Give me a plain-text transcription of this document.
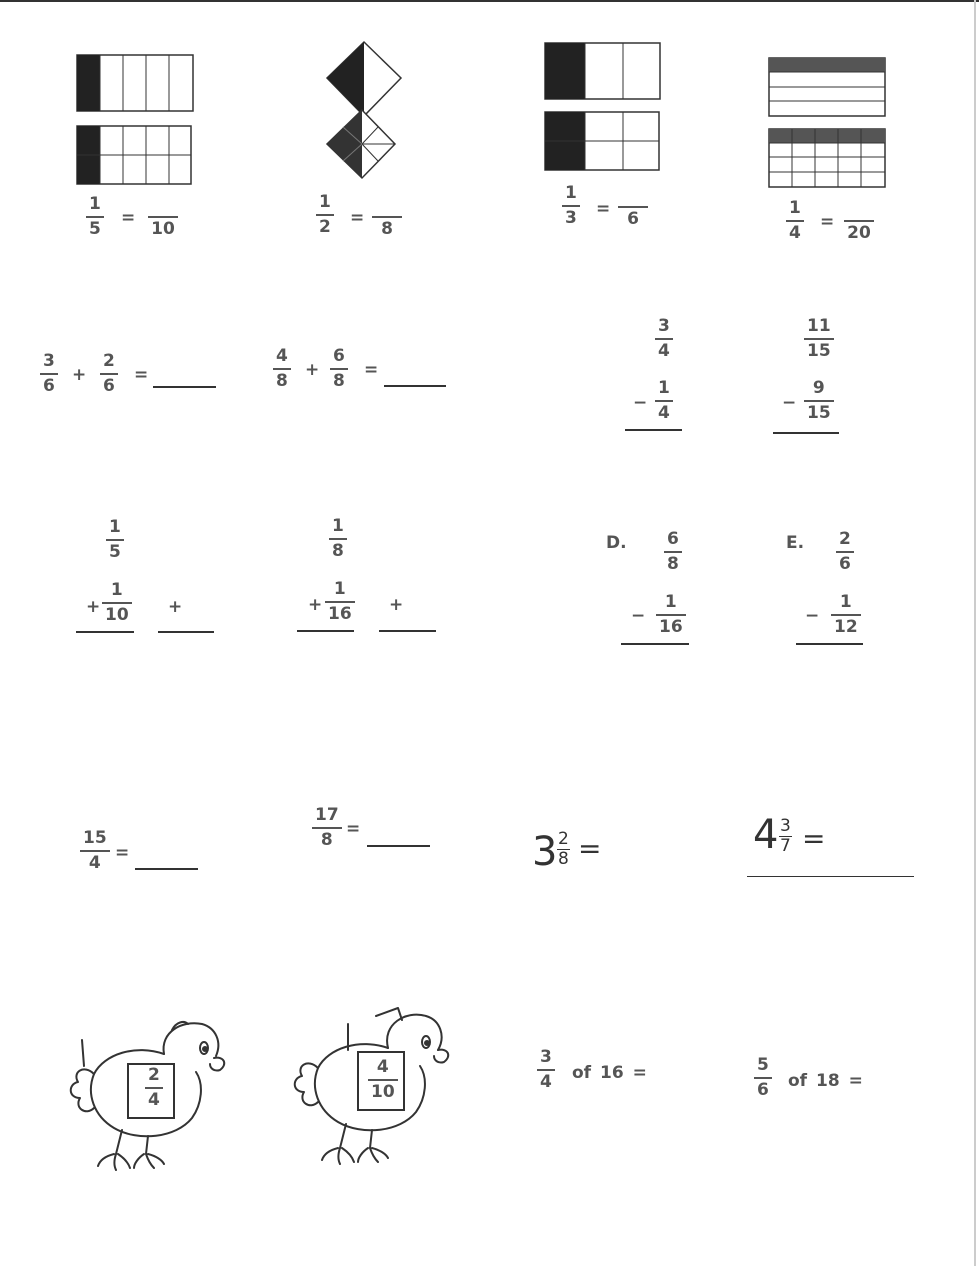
1
5
=
10
1
2 =
8
1
3 = 6
1
4
=
20
3
6
+
2
6
=
4
8
+
6
8
=
3
4
−
1
4
11
15
−
9
15
1
5
+
1
10 +
1
8
+
1
16 +
D. 6
8
−
1
16
E. 2
6
−
1
12
15
4 =
17
8
=	3 2
8 =	4 3
7 =
2
4
4
10
3
4 of 16 =	5
6 of 18 =
